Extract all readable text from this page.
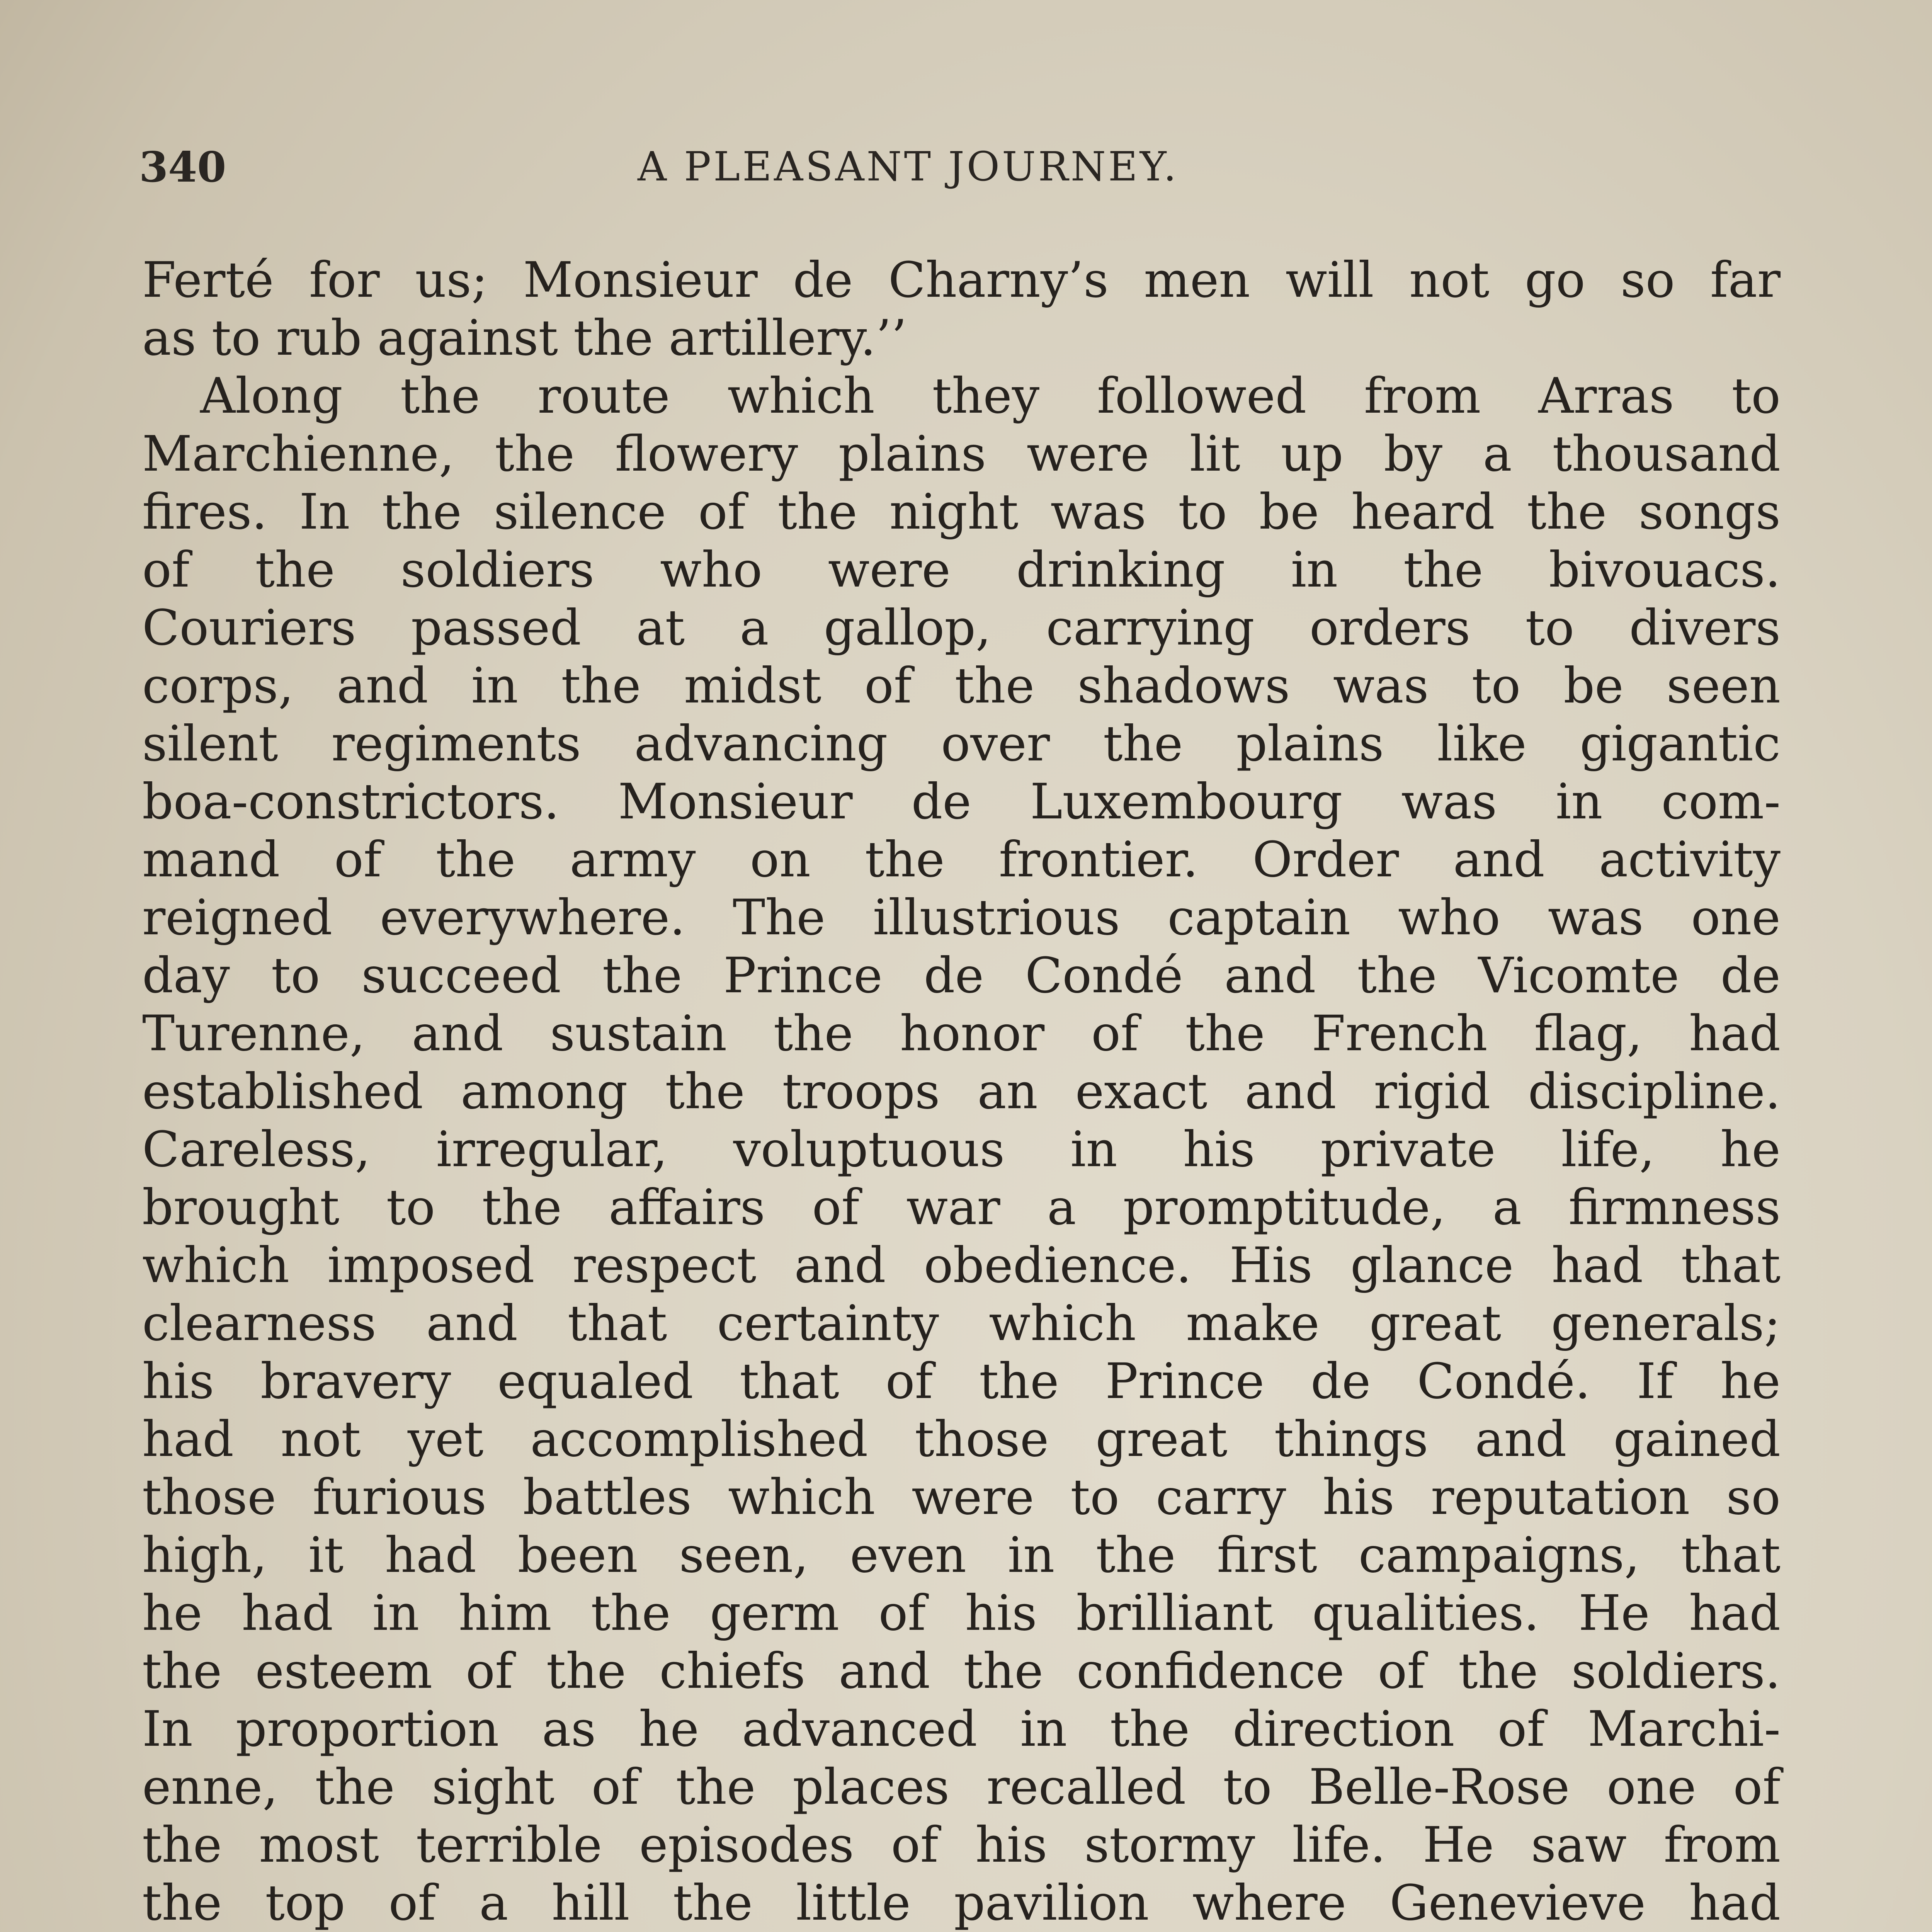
340	A PLEASANT JOURNEY.
Ferté for us; Monsieur de Charny’s men will not go so far
as to rub against the artillery.’’
Along the route which they followed from Arras to
Marchienne, the flowery plains were lit up by a thousand
fires. In the silence of the night was to be heard the songs
of the soldiers who were drinking in the bivouacs.
Couriers passed at a gallop, carrying orders to divers
corps, and in the midst of the shadows was to be seen
silent regiments advancing over the plains like gigantic
boa-constrictors. Monsieur de Luxembourg was in com-
mand of the army on the frontier. Order and activity
reigned everywhere. The illustrious captain who was one
day to succeed the Prince de Condé and the Vicomte de
Turenne, and sustain the honor of the French flag, had
established among the troops an exact and rigid discipline.
Careless, irregular, voluptuous in his private life, he
brought to the affairs of war a promptitude, a firmness
which imposed respect and obedience. His glance had that
clearness and that certainty which make great generals;
his bravery equaled that of the Prince de Condé. If he
had not yet accomplished those great things and gained
those furious battles which were to carry his reputation so
high, it had been seen, even in the first campaigns, that
he had in him the germ of his brilliant qualities. He had
the esteem of the chiefs and the confidence of the soldiers.
In proportion as he advanced in the direction of Marchi-
enne, the sight of the places recalled to Belle-Rose one of
the most terrible episodes of his stormy life. He saw from
the top of a hill the little pavilion where Genevieve had
